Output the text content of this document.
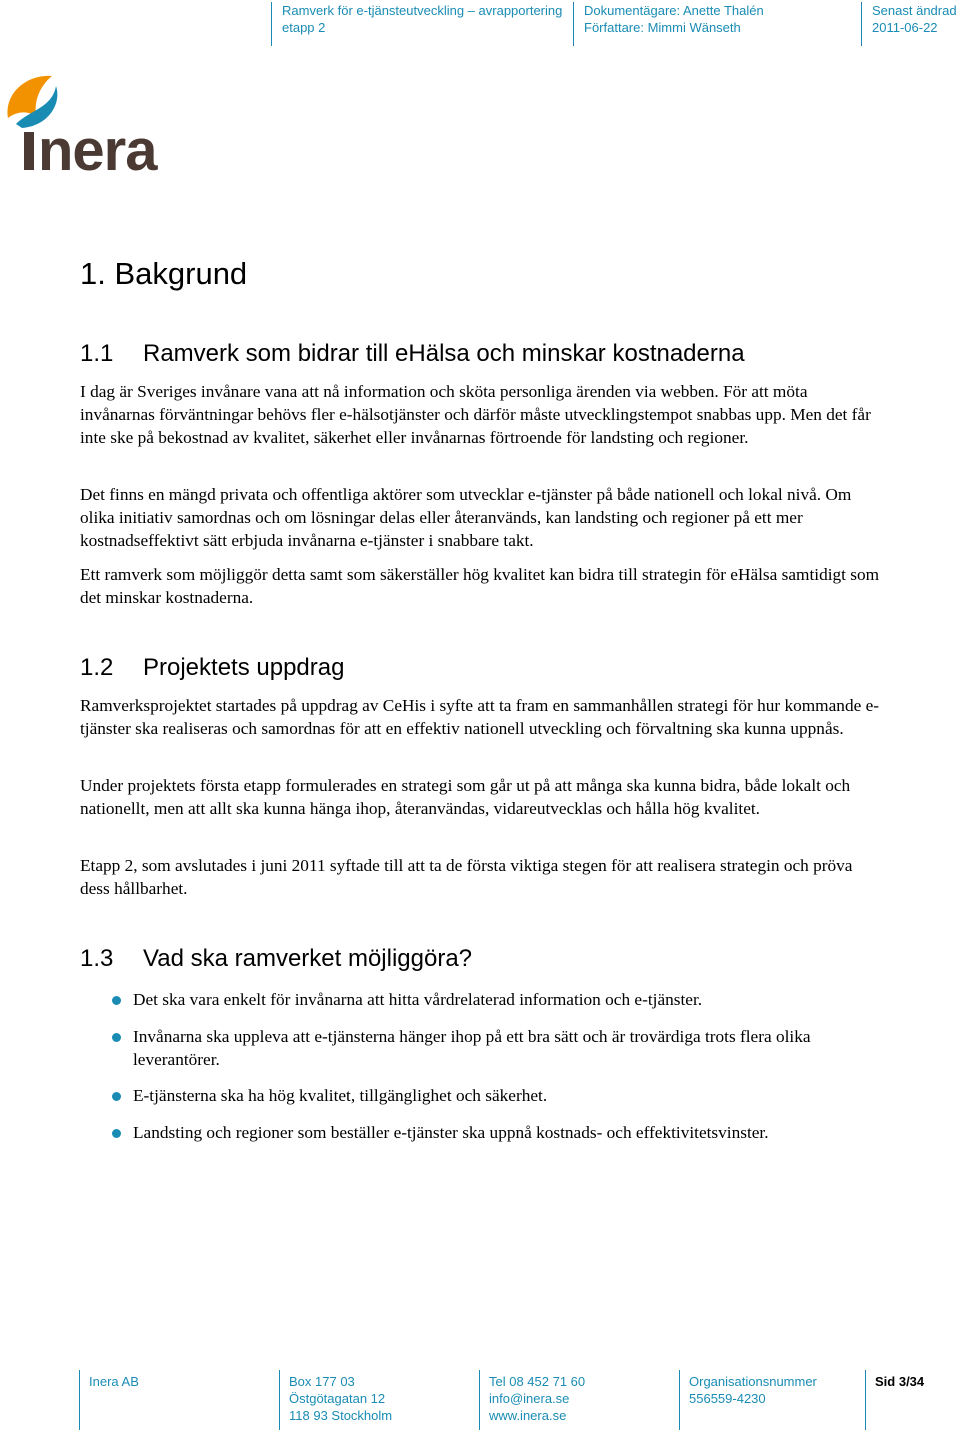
Ramverk för e-tjänsteutveckling – avrapportering
etapp 2
Dokumentägare: Anette Thalén
Författare: Mimmi Wänseth
Senast ändrad
2011-06-22
nera
1. Bakgrund
1.1 Ramverk som bidrar till eHälsa och minskar kostnaderna

I dag är Sveriges invånare vana att nå information och sköta personliga ärenden via webben. För att möta invånarnas förväntningar behövs fler e-hälsotjänster och därför måste utvecklingstempot snabbas upp. Men det får inte ske på bekostnad av kvalitet, säkerhet eller invånarnas förtroende för landsting och regioner.

Det finns en mängd privata och offentliga aktörer som utvecklar e-tjänster på både nationell och lokal nivå. Om olika initiativ samordnas och om lösningar delas eller återanvänds, kan landsting och regioner på ett mer kostnadseffektivt sätt erbjuda invånarna e-tjänster i snabbare takt.

Ett ramverk som möjliggör detta samt som säkerställer hög kvalitet kan bidra till strategin för eHälsa samtidigt som det minskar kostnaderna.

1.2 Projektets uppdrag

Ramverksprojektet startades på uppdrag av CeHis i syfte att ta fram en sammanhållen strategi för hur kommande e-tjänster ska realiseras och samordnas för att en effektiv nationell utveckling och förvaltning ska kunna uppnås.

Under projektets första etapp formulerades en strategi som går ut på att många ska kunna bidra, både lokalt och nationellt, men att allt ska kunna hänga ihop, återanvändas, vidareutvecklas och hålla hög kvalitet.

Etapp 2, som avslutades i juni 2011 syftade till att ta de första viktiga stegen för att realisera strategin och pröva dess hållbarhet.

1.3 Vad ska ramverket möjliggöra?
Det ska vara enkelt för invånarna att hitta vårdrelaterad information och e-tjänster.
Invånarna ska uppleva att e-tjänsterna hänger ihop på ett bra sätt och är trovärdiga trots flera olika leverantörer.
E-tjänsterna ska ha hög kvalitet, tillgänglighet och säkerhet.
Landsting och regioner som beställer e-tjänster ska uppnå kostnads- och effektivitetsvinster.
Inera AB	Box 177 03
Östgötagatan 12
118 93 Stockholm
Tel 08 452 71 60
info@inera.se
www.inera.se
Organisationsnummer
556559-4230
Sid 3/34
